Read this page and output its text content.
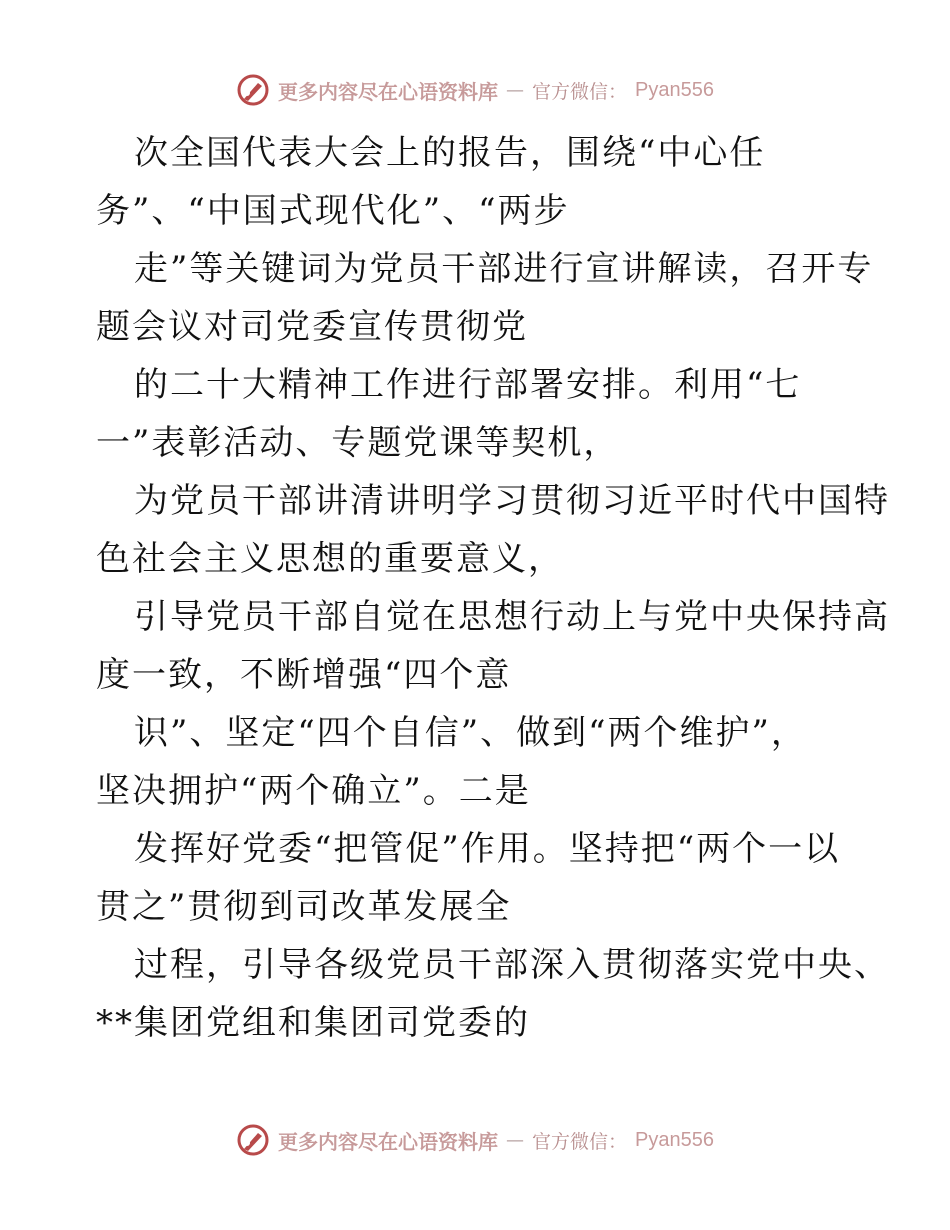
更多内容尽在心语资料库 — 官方微信： Pyan556
次全国代表大会上的报告，围绕“中心任
务”、“中国式现代化”、“两步
走”等关键词为党员干部进行宣讲解读，召开专
题会议对司党委宣传贯彻党
的二十大精神工作进行部署安排。利用“七
一”表彰活动、专题党课等契机，
为党员干部讲清讲明学习贯彻习近平时代中国特
色社会主义思想的重要意义，
引导党员干部自觉在思想行动上与党中央保持高
度一致，不断增强“四个意
识”、坚定“四个自信”、做到“两个维护”，
坚决拥护“两个确立”。二是
发挥好党委“把管促”作用。坚持把“两个一以
贯之”贯彻到司改革发展全
过程，引导各级党员干部深入贯彻落实党中央、
**集团党组和集团司党委的
更多内容尽在心语资料库 — 官方微信： Pyan556
